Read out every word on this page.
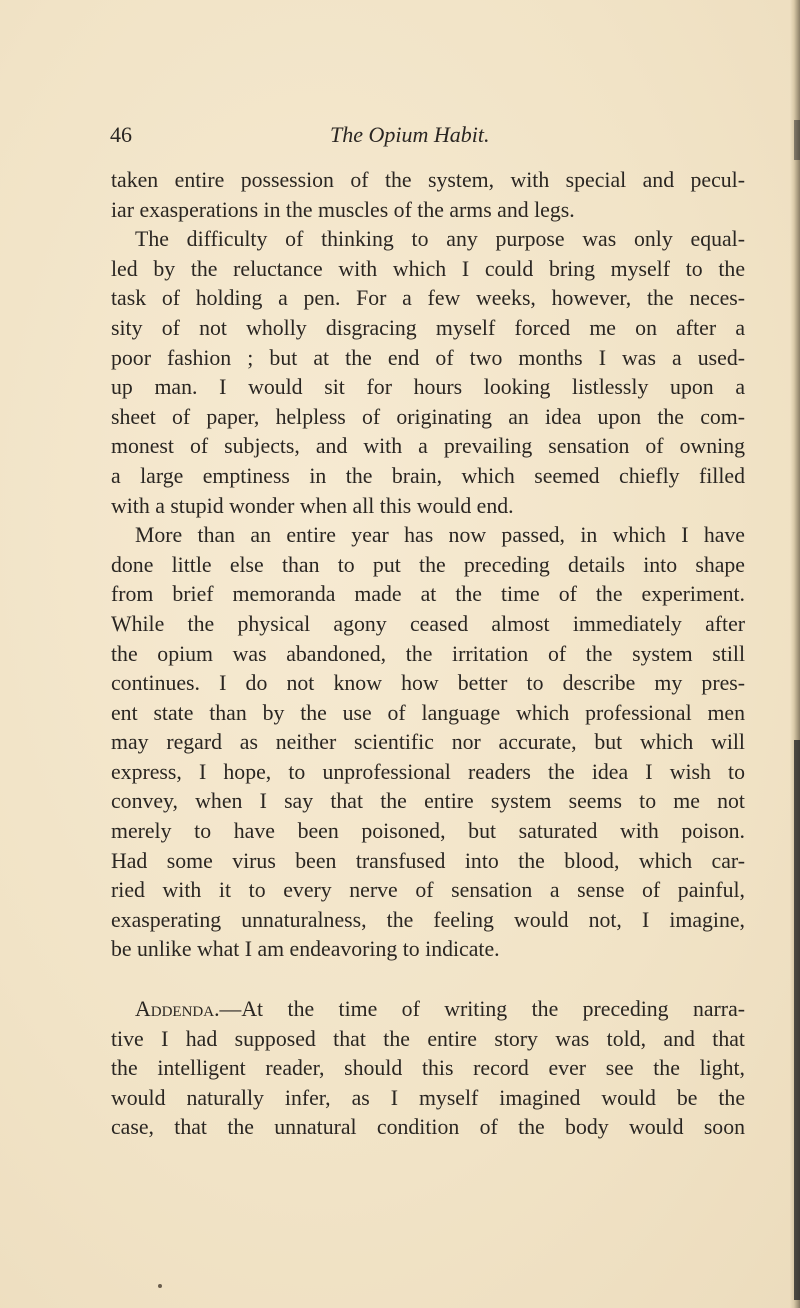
46	The Opium Habit.
taken entire possession of the system, with special and pecul-
iar exasperations in the muscles of the arms and legs.
The difficulty of thinking to any purpose was only equal-
led by the reluctance with which I could bring myself to the
task of holding a pen. For a few weeks, however, the neces-
sity of not wholly disgracing myself forced me on after a
poor fashion ; but at the end of two months I was a used-
up man. I would sit for hours looking listlessly upon a
sheet of paper, helpless of originating an idea upon the com-
monest of subjects, and with a prevailing sensation of owning
a large emptiness in the brain, which seemed chiefly filled
with a stupid wonder when all this would end.
More than an entire year has now passed, in which I have
done little else than to put the preceding details into shape
from brief memoranda made at the time of the experiment.
While the physical agony ceased almost immediately after
the opium was abandoned, the irritation of the system still
continues. I do not know how better to describe my pres-
ent state than by the use of language which professional men
may regard as neither scientific nor accurate, but which will
express, I hope, to unprofessional readers the idea I wish to
convey, when I say that the entire system seems to me not
merely to have been poisoned, but saturated with poison.
Had some virus been transfused into the blood, which car-
ried with it to every nerve of sensation a sense of painful,
exasperating unnaturalness, the feeling would not, I imagine,
be unlike what I am endeavoring to indicate.
Addenda.—At the time of writing the preceding narra-
tive I had supposed that the entire story was told, and that
the intelligent reader, should this record ever see the light,
would naturally infer, as I myself imagined would be the
case, that the unnatural condition of the body would soon
